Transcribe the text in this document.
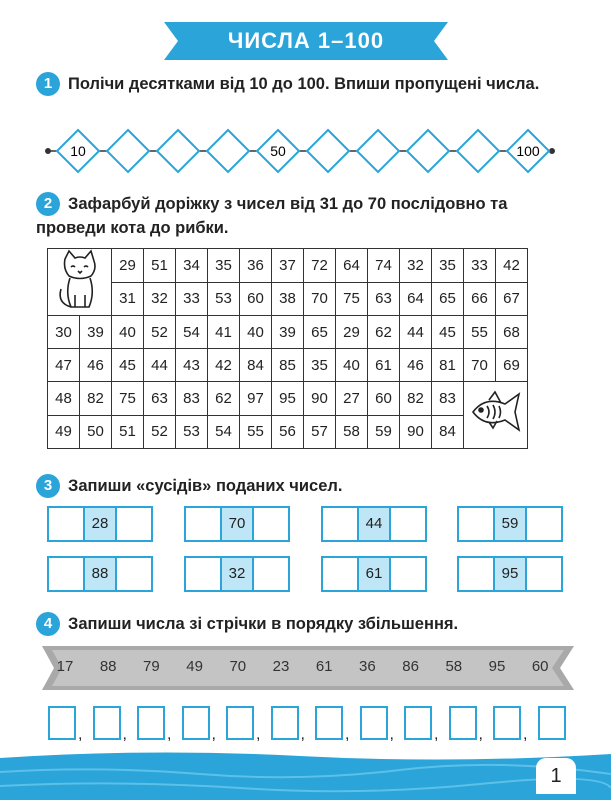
ЧИСЛА 1–100
1 Полічи десятками від 10 до 100. Впиши пропущені числа.
10	50	100
2 Зафарбуй доріжку з чисел від 31 до 70 послідовно та проведи кота до рибки.
	29	51	34	35	36	37	72	64	74	32	35	33	42
		31	32	33	53	60	38	70	75	63	64	65	66	67
30	39	40	52	54	41	40	39	65	29	62	44	45	55	68
47	46	45	44	43	42	84	85	35	40	61	46	81	70	69
48	82	75	63	83	62	97	95	90	27	60	82	83	
49	50	51	52	53	54	55	56	57	58	59	90	84		
3 Запиши «сусідів» поданих чисел.
28	70	44	59
88	32	61	95
4 Запиши числа зі стрічки в порядку збільшення.
17	88	79	49	70	23	61	36	86	58	95	60
,	,	,	,	,	,	,	,	,	,	,
1
